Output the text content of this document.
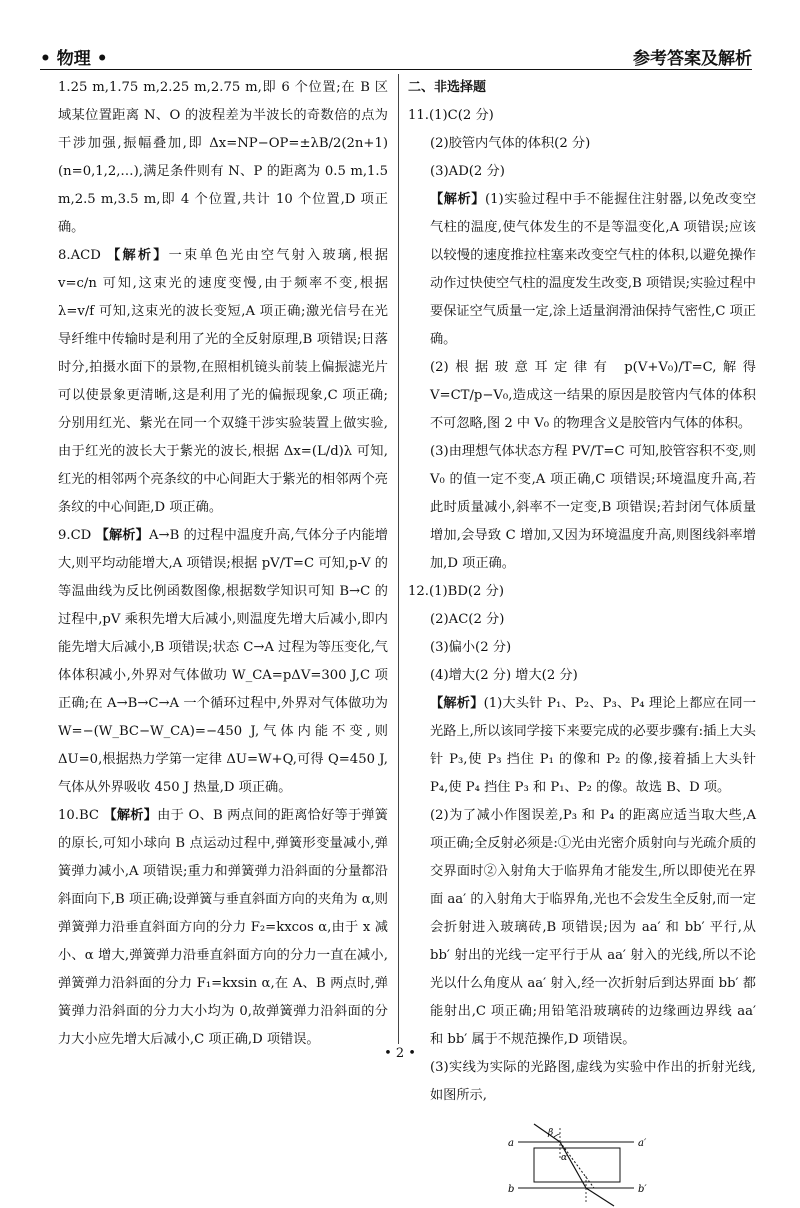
• 物理 •	参考答案及解析

1.25 m,1.75 m,2.25 m,2.75 m,即 6 个位置;在 B 区域某位置距离 N、O 的波程差为半波长的奇数倍的点为干涉加强,振幅叠加,即 Δx=NP−OP=±λB/2(2n+1)(n=0,1,2,…),满足条件则有 N、P 的距离为 0.5 m,1.5 m,2.5 m,3.5 m,即 4 个位置,共计 10 个位置,D 项正确。

8.ACD 【解析】一束单色光由空气射入玻璃,根据 v=c/n 可知,这束光的速度变慢,由于频率不变,根据 λ=v/f 可知,这束光的波长变短,A 项正确;激光信号在光导纤维中传输时是利用了光的全反射原理,B 项错误;日落时分,拍摄水面下的景物,在照相机镜头前装上偏振滤光片可以使景象更清晰,这是利用了光的偏振现象,C 项正确;分别用红光、紫光在同一个双缝干涉实验装置上做实验,由于红光的波长大于紫光的波长,根据 Δx=(L/d)λ 可知,红光的相邻两个亮条纹的中心间距大于紫光的相邻两个亮条纹的中心间距,D 项正确。

9.CD 【解析】A→B 的过程中温度升高,气体分子内能增大,则平均动能增大,A 项错误;根据 pV/T=C 可知,p-V 的等温曲线为反比例函数图像,根据数学知识可知 B→C 的过程中,pV 乘积先增大后减小,则温度先增大后减小,即内能先增大后减小,B 项错误;状态 C→A 过程为等压变化,气体体积减小,外界对气体做功 W_CA=pΔV=300 J,C 项正确;在 A→B→C→A 一个循环过程中,外界对气体做功为 W=−(W_BC−W_CA)=−450 J,气体内能不变,则 ΔU=0,根据热力学第一定律 ΔU=W+Q,可得 Q=450 J,气体从外界吸收 450 J 热量,D 项正确。

10.BC 【解析】由于 O、B 两点间的距离恰好等于弹簧的原长,可知小球向 B 点运动过程中,弹簧形变量减小,弹簧弹力减小,A 项错误;重力和弹簧弹力沿斜面的分量都沿斜面向下,B 项正确;设弹簧与垂直斜面方向的夹角为 α,则弹簧弹力沿垂直斜面方向的分力 F₂=kxcos α,由于 x 减小、α 增大,弹簧弹力沿垂直斜面方向的分力一直在减小,弹簧弹力沿斜面的分力 F₁=kxsin α,在 A、B 两点时,弹簧弹力沿斜面的分力大小均为 0,故弹簧弹力沿斜面的分力大小应先增大后减小,C 项正确,D 项错误。

二、非选择题

11.(1)C(2 分)

(2)胶管内气体的体积(2 分)

(3)AD(2 分)

【解析】(1)实验过程中手不能握住注射器,以免改变空气柱的温度,使气体发生的不是等温变化,A 项错误;应该以较慢的速度推拉柱塞来改变空气柱的体积,以避免操作动作过快使空气柱的温度发生改变,B 项错误;实验过程中要保证空气质量一定,涂上适量润滑油保持气密性,C 项正确。

(2)根据玻意耳定律有 p(V+V₀)/T=C,解得 V=CT/p−V₀,造成这一结果的原因是胶管内气体的体积不可忽略,图 2 中 V₀ 的物理含义是胶管内气体的体积。

(3)由理想气体状态方程 PV/T=C 可知,胶管容积不变,则 V₀ 的值一定不变,A 项正确,C 项错误;环境温度升高,若此时质量减小,斜率不一定变,B 项错误;若封闭气体质量增加,会导致 C 增加,又因为环境温度升高,则图线斜率增加,D 项正确。

12.(1)BD(2 分)

(2)AC(2 分)

(3)偏小(2 分)

(4)增大(2 分) 增大(2 分)

【解析】(1)大头针 P₁、P₂、P₃、P₄ 理论上都应在同一光路上,所以该同学接下来要完成的必要步骤有:插上大头针 P₃,使 P₃ 挡住 P₁ 的像和 P₂ 的像,接着插上大头针 P₄,使 P₄ 挡住 P₃ 和 P₁、P₂ 的像。故选 B、D 项。

(2)为了减小作图误差,P₃ 和 P₄ 的距离应适当取大些,A 项正确;全反射必须是:①光由光密介质射向与光疏介质的交界面时②入射角大于临界角才能发生,所以即使光在界面 aa′ 的入射角大于临界角,光也不会发生全反射,而一定会折射进入玻璃砖,B 项错误;因为 aa′ 和 bb′ 平行,从 bb′ 射出的光线一定平行于从 aa′ 射入的光线,所以不论光以什么角度从 aa′ 射入,经一次折射后到达界面 bb′ 都能射出,C 项正确;用铅笔沿玻璃砖的边缘画边界线 aa′ 和 bb′ 属于不规范操作,D 项错误。

(3)实线为实际的光路图,虚线为实验中作出的折射光线,如图所示,

a	a′
b	b′
β
α
• 2 •
